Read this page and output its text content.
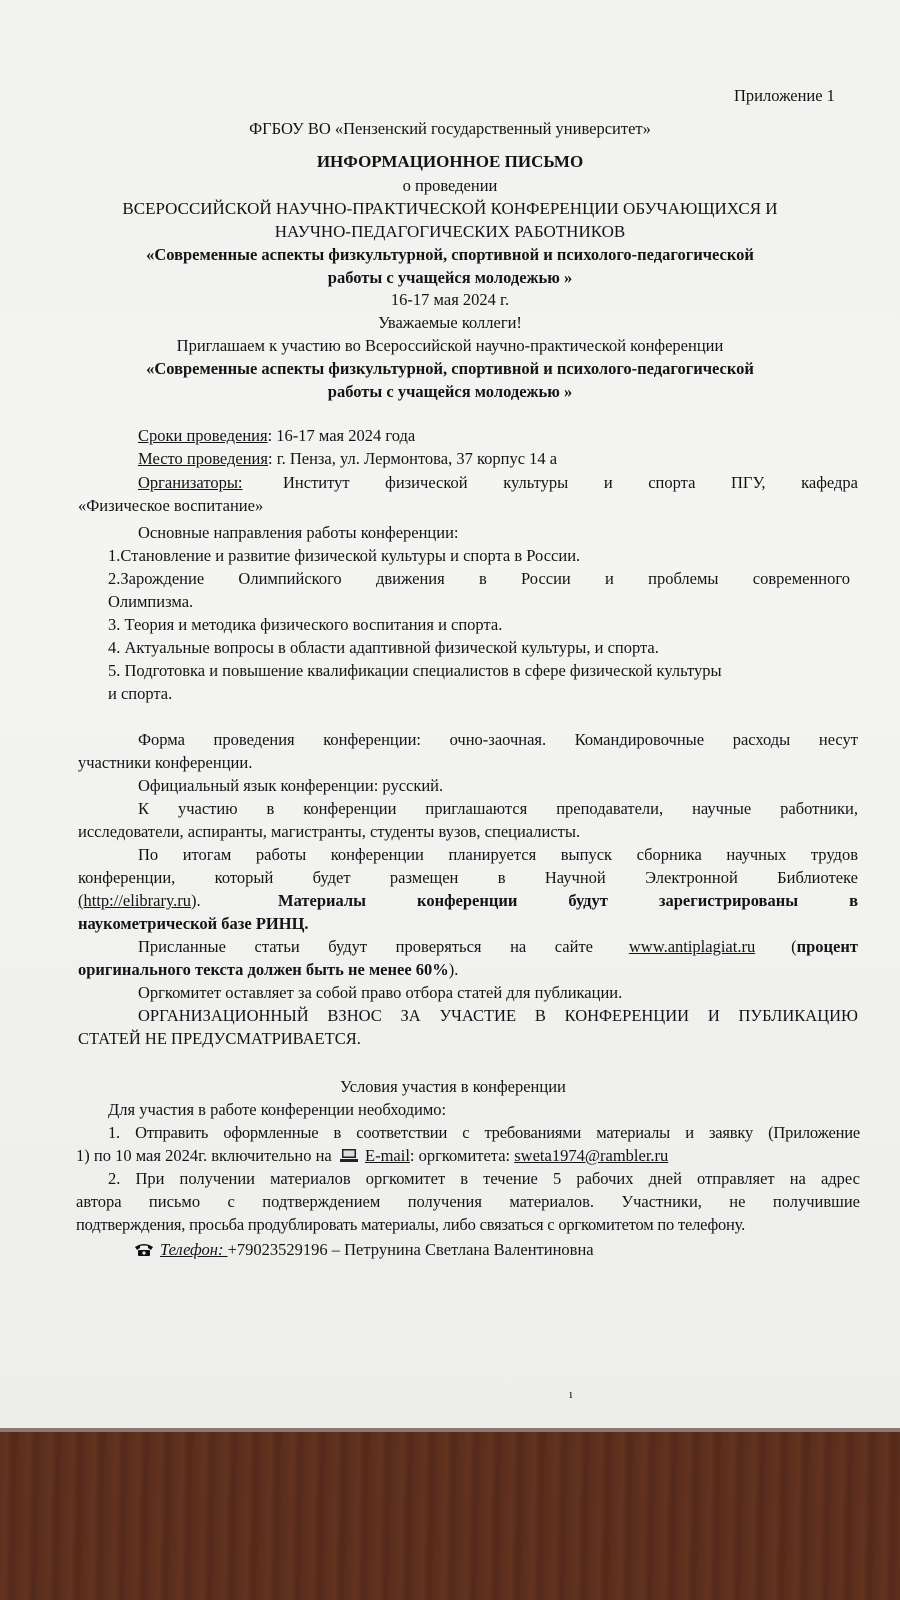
Приложение 1
ФГБОУ ВО «Пензенский государственный университет»
ИНФОРМАЦИОННОЕ ПИСЬМО
о проведении
ВСЕРОССИЙСКОЙ НАУЧНО-ПРАКТИЧЕСКОЙ КОНФЕРЕНЦИИ ОБУЧАЮЩИХСЯ И
НАУЧНО-ПЕДАГОГИЧЕСКИХ РАБОТНИКОВ
«Современные аспекты физкультурной, спортивной и психолого-педагогической
работы с учащейся молодежью »
16-17 мая 2024 г.
Уважаемые коллеги!
Приглашаем к участию во Всероссийской научно-практической конференции
«Современные аспекты физкультурной, спортивной и психолого-педагогической
работы с учащейся молодежью »
Сроки проведения: 16-17 мая 2024 года
Место проведения: г. Пенза, ул. Лермонтова, 37 корпус 14 а
Организаторы: Институт физической культуры и спорта ПГУ, кафедра
«Физическое воспитание»
Основные направления работы конференции:
1.Становление и развитие физической культуры и спорта в России.
2.Зарождение Олимпийского движения в России и проблемы современного
Олимпизма.
3. Теория и методика физического воспитания и спорта.
4. Актуальные вопросы в области адаптивной физической культуры, и спорта.
5. Подготовка и повышение квалификации специалистов в сфере физической культуры
и спорта.
Форма проведения конференции: очно-заочная. Командировочные расходы несут
участники конференции.
Официальный язык конференции: русский.
К участию в конференции приглашаются преподаватели, научные работники,
исследователи, аспиранты, магистранты, студенты вузов, специалисты.
По итогам работы конференции планируется выпуск сборника научных трудов
конференции, который будет размещен в Научной Электронной Библиотеке
(http://elibrary.ru).	Материалы конференции будут зарегистрированы в
наукометрической базе РИНЦ.
Присланные статьи будут проверяться на сайте www.antiplagiat.ru (процент
оригинального текста должен быть не менее 60%).
Оргкомитет оставляет за собой право отбора статей для публикации.
ОРГАНИЗАЦИОННЫЙ ВЗНОС ЗА УЧАСТИЕ В КОНФЕРЕНЦИИ И ПУБЛИКАЦИЮ
СТАТЕЙ НЕ ПРЕДУСМАТРИВАЕТСЯ.
Условия участия в конференции
Для участия в работе конференции необходимо:
1. Отправить оформленные в соответствии с требованиями материалы и заявку (Приложение
1) по 10 мая 2024г. включительно на E-mail: оргкомитета: sweta1974@rambler.ru
2. При получении материалов оргкомитет в течение 5 рабочих дней отправляет на адрес
автора письмо с подтверждением получения материалов. Участники, не получившие
подтверждения, просьба продублировать материалы, либо связаться с оргкомитетом по телефону.
Телефон: +79023529196 – Петрунина Светлана Валентиновна
ı
